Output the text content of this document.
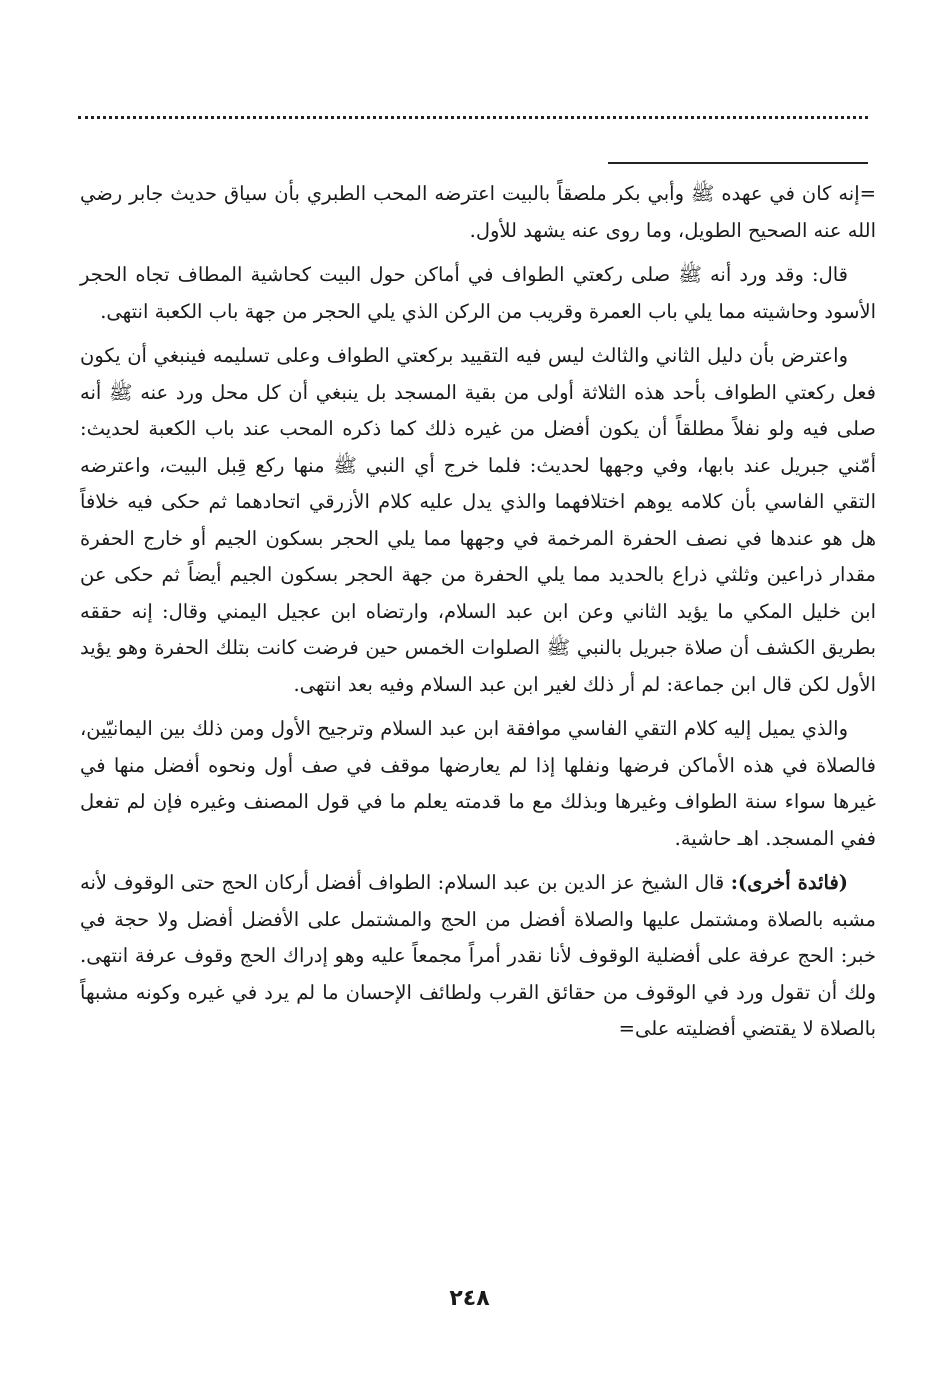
=إنه كان في عهده ﷺ وأبي بكر ملصقاً بالبيت اعترضه المحب الطبري بأن سياق حديث جابر رضي الله عنه الصحيح الطويل، وما روى عنه يشهد للأول.

قال: وقد ورد أنه ﷺ صلى ركعتي الطواف في أماكن حول البيت كحاشية المطاف تجاه الحجر الأسود وحاشيته مما يلي باب العمرة وقريب من الركن الذي يلي الحجر من جهة باب الكعبة انتهى.

واعترض بأن دليل الثاني والثالث ليس فيه التقييد بركعتي الطواف وعلى تسليمه فينبغي أن يكون فعل ركعتي الطواف بأحد هذه الثلاثة أولى من بقية المسجد بل ينبغي أن كل محل ورد عنه ﷺ أنه صلى فيه ولو نفلاً مطلقاً أن يكون أفضل من غيره ذلك كما ذكره المحب عند باب الكعبة لحديث: أمّني جبريل عند بابها، وفي وجهها لحديث: فلما خرج أي النبي ﷺ منها ركع قِبل البيت، واعترضه التقي الفاسي بأن كلامه يوهم اختلافهما والذي يدل عليه كلام الأزرقي اتحادهما ثم حكى فيه خلافاً هل هو عندها في نصف الحفرة المرخمة في وجهها مما يلي الحجر بسكون الجيم أو خارج الحفرة مقدار ذراعين وثلثي ذراع بالحديد مما يلي الحفرة من جهة الحجر بسكون الجيم أيضاً ثم حكى عن ابن خليل المكي ما يؤيد الثاني وعن ابن عبد السلام، وارتضاه ابن عجيل اليمني وقال: إنه حققه بطريق الكشف أن صلاة جبريل بالنبي ﷺ الصلوات الخمس حين فرضت كانت بتلك الحفرة وهو يؤيد الأول لكن قال ابن جماعة: لم أر ذلك لغير ابن عبد السلام وفيه بعد انتهى.

والذي يميل إليه كلام التقي الفاسي موافقة ابن عبد السلام وترجيح الأول ومن ذلك بين اليمانيّين، فالصلاة في هذه الأماكن فرضها ونفلها إذا لم يعارضها موقف في صف أول ونحوه أفضل منها في غيرها سواء سنة الطواف وغيرها وبذلك مع ما قدمته يعلم ما في قول المصنف وغيره فإن لم تفعل ففي المسجد. اهـ حاشية.

(فائدة أخرى): قال الشيخ عز الدين بن عبد السلام: الطواف أفضل أركان الحج حتى الوقوف لأنه مشبه بالصلاة ومشتمل عليها والصلاة أفضل من الحج والمشتمل على الأفضل أفضل ولا حجة في خبر: الحج عرفة على أفضلية الوقوف لأنا نقدر أمراً مجمعاً عليه وهو إدراك الحج وقوف عرفة انتهى. ولك أن تقول ورد في الوقوف من حقائق القرب ولطائف الإحسان ما لم يرد في غيره وكونه مشبهاً بالصلاة لا يقتضي أفضليته على=

٢٤٨
